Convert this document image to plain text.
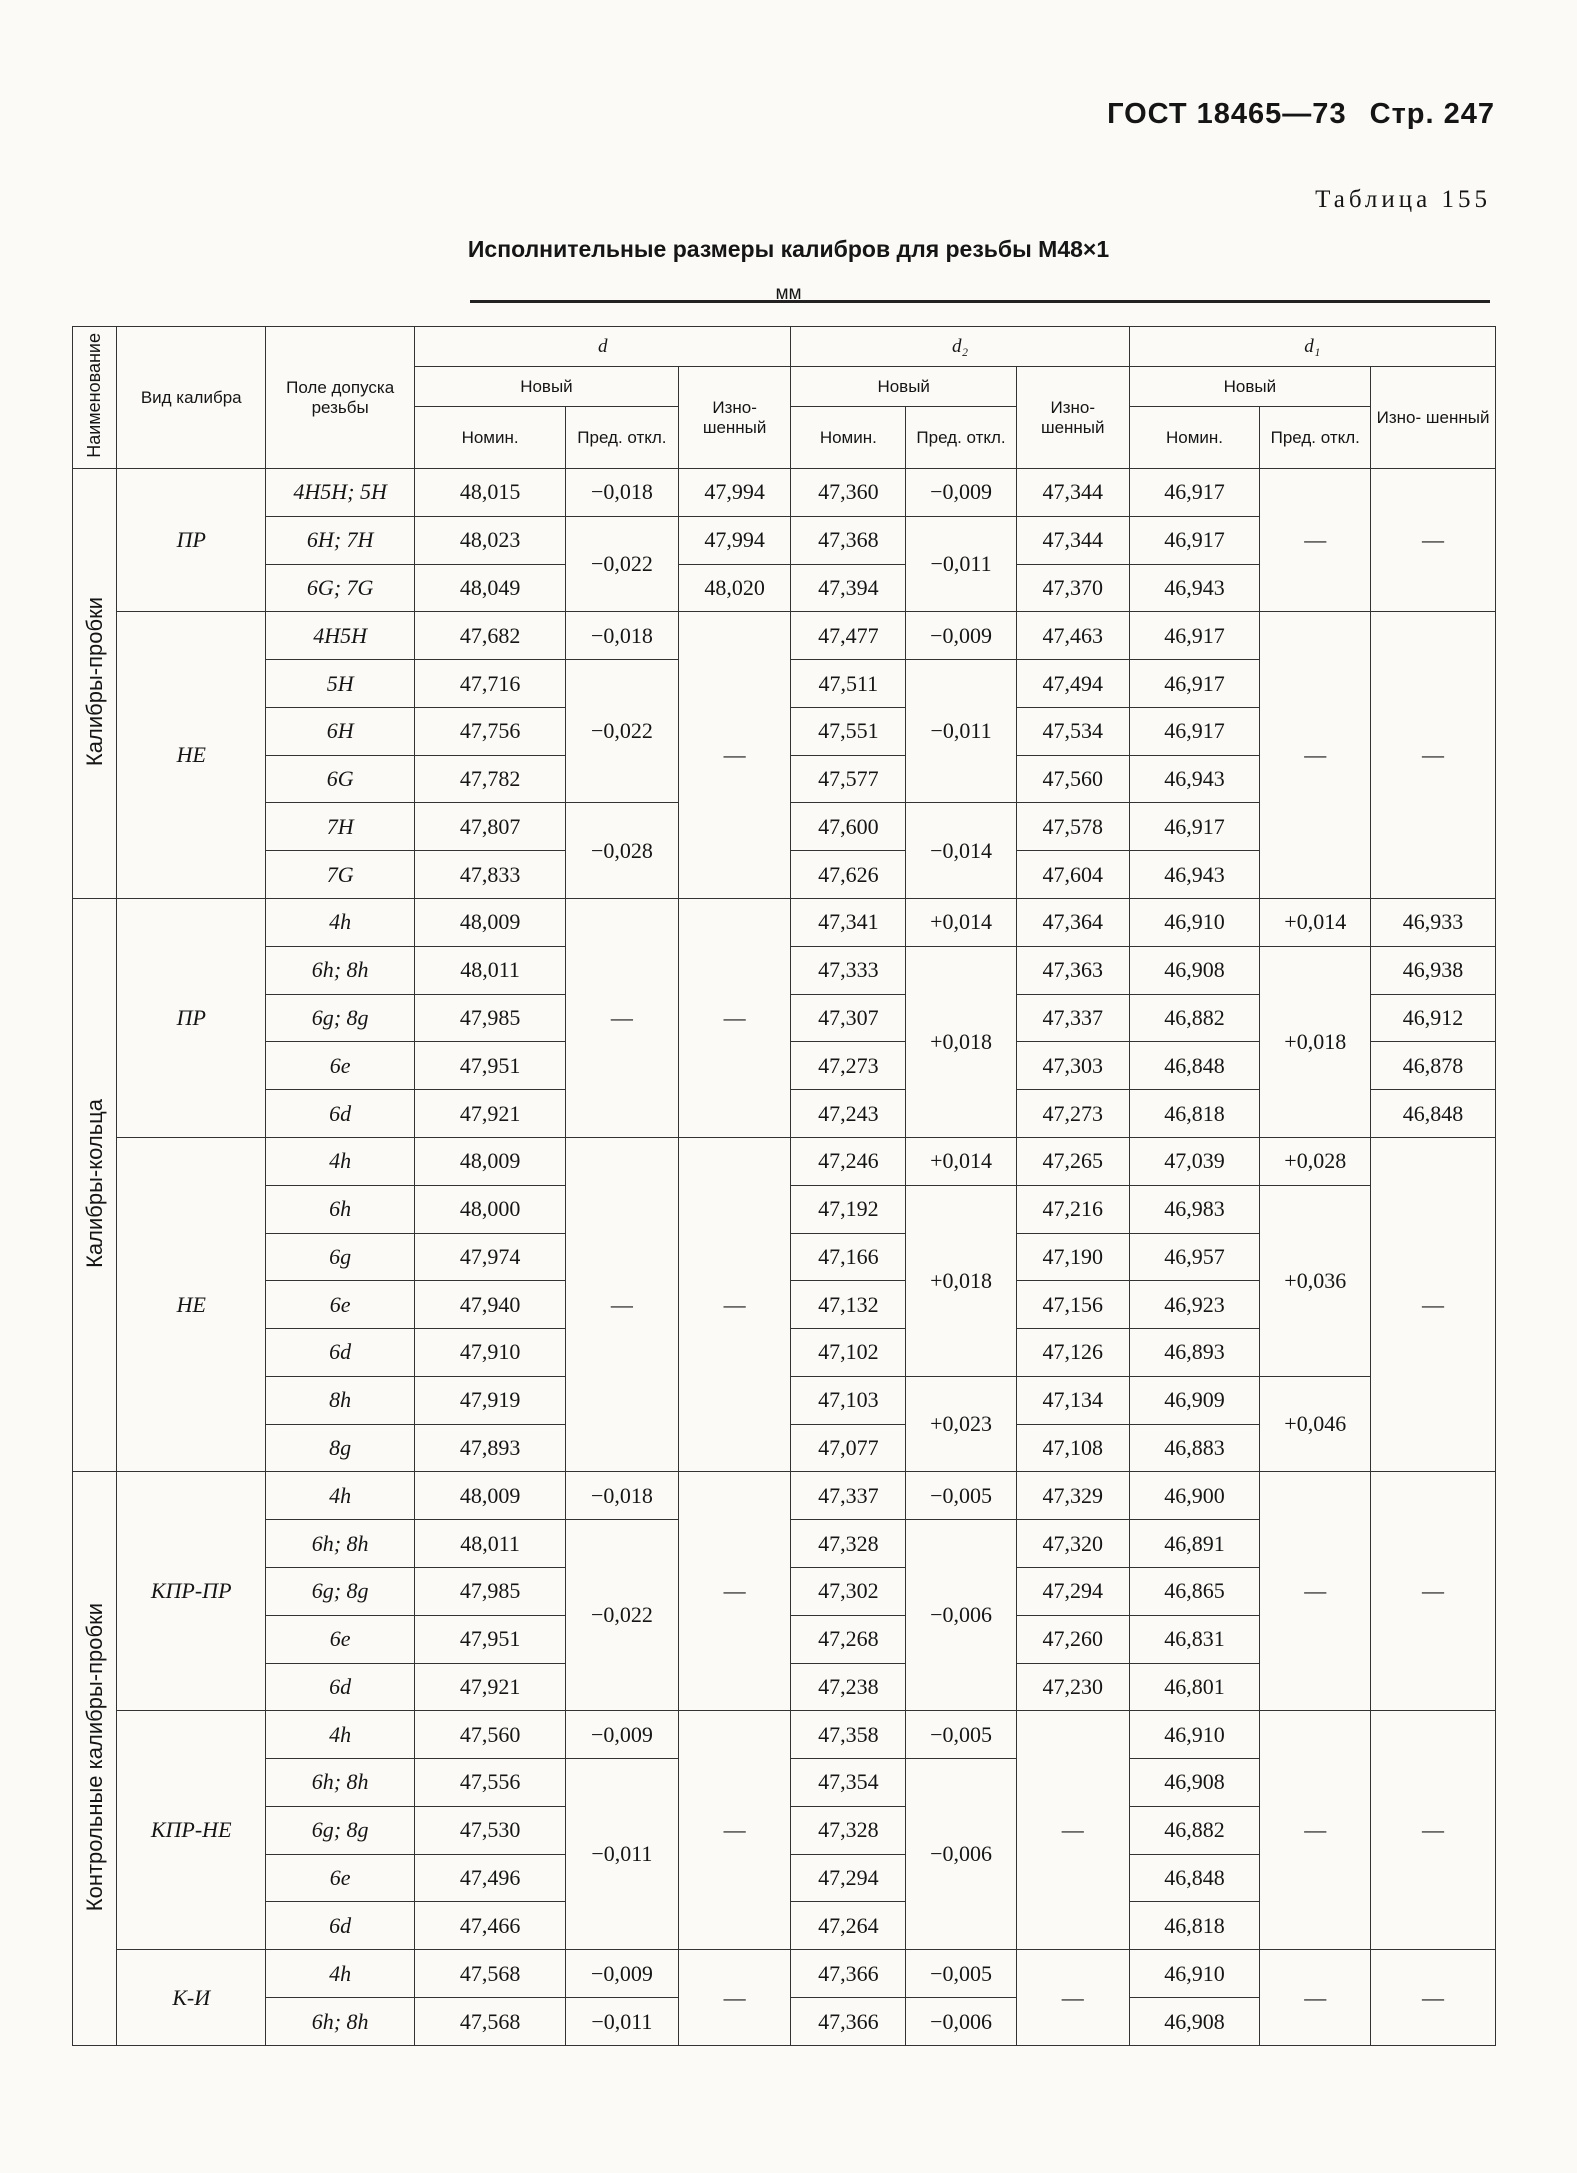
ГОСТ 18465—73 Стр. 247
Таблица 155
Исполнительные размеры калибров для резьбы M48×1
мм
Наименование	Вид калибра	Поле допуска резьбы	d			d₂			d₁		
			Новый		Изно- шенный	Новый		Изно- шенный	Новый		Изно- шенный
			Номин.	Пред. откл.		Номин.	Пред. откл.		Номин.	Пред. откл.	
Калибры-пробки	ПР	4H5H; 5H	48,015	−0,018	47,994	47,360	−0,009	47,344	46,917	—	—
		6H; 7H	48,023	−0,022	47,994	47,368	−0,011	47,344	46,917		
		6G; 7G	48,049		48,020	47,394		47,370	46,943		
	НЕ	4H5H	47,682	−0,018	—	47,477	−0,009	47,463	46,917	—	—
		5H	47,716	−0,022		47,511	−0,011	47,494	46,917		
		6H	47,756			47,551		47,534	46,917		
		6G	47,782			47,577		47,560	46,943		
		7H	47,807	−0,028		47,600	−0,014	47,578	46,917		
		7G	47,833			47,626		47,604	46,943		
Калибры-кольца	ПР	4h	48,009	—	—	47,341	+0,014	47,364	46,910	+0,014	46,933
		6h; 8h	48,011			47,333	+0,018	47,363	46,908	+0,018	46,938
		6g; 8g	47,985			47,307		47,337	46,882		46,912
		6e	47,951			47,273		47,303	46,848		46,878
		6d	47,921			47,243		47,273	46,818		46,848
	НЕ	4h	48,009	—	—	47,246	+0,014	47,265	47,039	+0,028	—
		6h	48,000			47,192	+0,018	47,216	46,983	+0,036	
		6g	47,974			47,166		47,190	46,957		
		6e	47,940			47,132		47,156	46,923		
		6d	47,910			47,102		47,126	46,893		
		8h	47,919			47,103	+0,023	47,134	46,909	+0,046	
		8g	47,893			47,077		47,108	46,883		
Контрольные калибры-пробки	КПР-ПР	4h	48,009	−0,018	—	47,337	−0,005	47,329	46,900	—	—
		6h; 8h	48,011	−0,022		47,328	−0,006	47,320	46,891		
		6g; 8g	47,985			47,302		47,294	46,865		
		6e	47,951			47,268		47,260	46,831		
		6d	47,921			47,238		47,230	46,801		
	КПР-НЕ	4h	47,560	−0,009	—	47,358	−0,005	—	46,910	—	—
		6h; 8h	47,556	−0,011		47,354	−0,006		46,908		
		6g; 8g	47,530			47,328			46,882		
		6e	47,496			47,294			46,848		
		6d	47,466			47,264			46,818		
	К-И	4h	47,568	−0,009	—	47,366	−0,005	—	46,910	—	—
		6h; 8h	47,568	−0,011		47,366	−0,006		46,908		
